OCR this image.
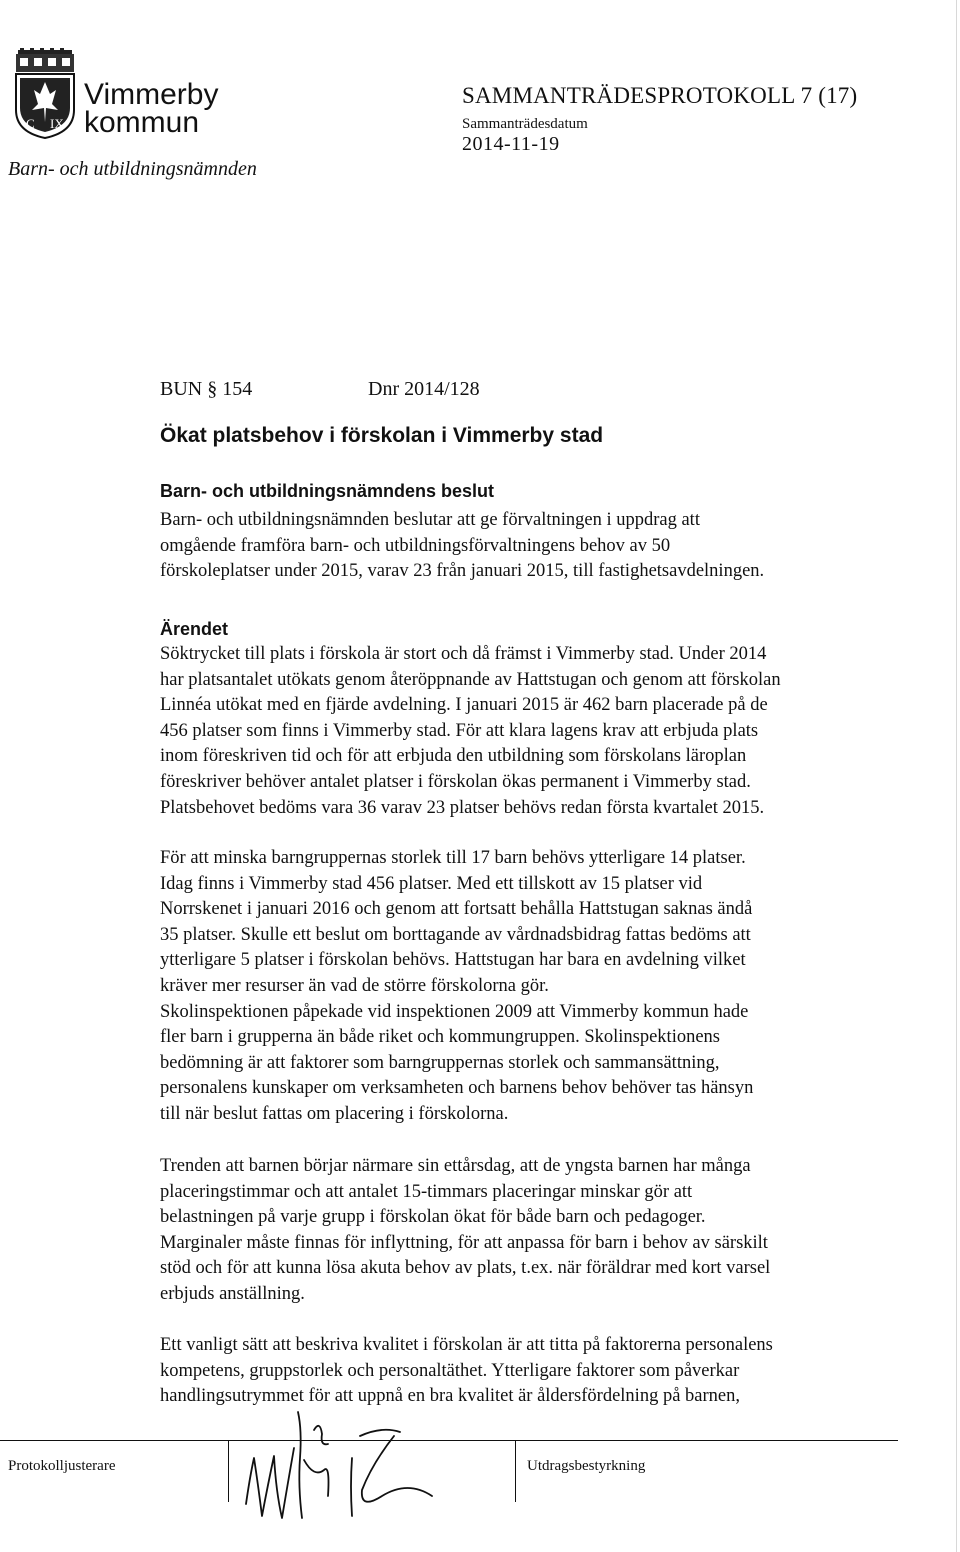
C IX
Vimmerby
kommun
Barn- och utbildningsnämnden
SAMMANTRÄDESPROTOKOLL 7 (17)
Sammanträdesdatum
2014-11-19
BUN § 154	Dnr 2014/128
Ökat platsbehov i förskolan i Vimmerby stad
Barn- och utbildningsnämndens beslut
Barn- och utbildningsnämnden beslutar att ge förvaltningen i uppdrag att
omgående framföra barn- och utbildningsförvaltningens behov av 50
förskoleplatser under 2015, varav 23 från januari 2015, till fastighetsavdelningen.
Ärendet
Söktrycket till plats i förskola är stort och då främst i Vimmerby stad. Under 2014
har platsantalet utökats genom återöppnande av Hattstugan och genom att förskolan
Linnéa utökat med en fjärde avdelning. I januari 2015 är 462 barn placerade på de
456 platser som finns i Vimmerby stad. För att klara lagens krav att erbjuda plats
inom föreskriven tid och för att erbjuda den utbildning som förskolans läroplan
föreskriver behöver antalet platser i förskolan ökas permanent i Vimmerby stad.
Platsbehovet bedöms vara 36 varav 23 platser behövs redan första kvartalet 2015.
För att minska barngruppernas storlek till 17 barn behövs ytterligare 14 platser.
Idag finns i Vimmerby stad 456 platser. Med ett tillskott av 15 platser vid
Norrskenet i januari 2016 och genom att fortsatt behålla Hattstugan saknas ändå
35 platser. Skulle ett beslut om borttagande av vårdnadsbidrag fattas bedöms att
ytterligare 5 platser i förskolan behövs. Hattstugan har bara en avdelning vilket
kräver mer resurser än vad de större förskolorna gör.
Skolinspektionen påpekade vid inspektionen 2009 att Vimmerby kommun hade
fler barn i grupperna än både riket och kommungruppen. Skolinspektionens
bedömning är att faktorer som barngruppernas storlek och sammansättning,
personalens kunskaper om verksamheten och barnens behov behöver tas hänsyn
till när beslut fattas om placering i förskolorna.
Trenden att barnen börjar närmare sin ettårsdag, att de yngsta barnen har många
placeringstimmar och att antalet 15-timmars placeringar minskar gör att
belastningen på varje grupp i förskolan ökat för både barn och pedagoger.
Marginaler måste finnas för inflyttning, för att anpassa för barn i behov av särskilt
stöd och för att kunna lösa akuta behov av plats, t.ex. när föräldrar med kort varsel
erbjuds anställning.
Ett vanligt sätt att beskriva kvalitet i förskolan är att titta på faktorerna personalens
kompetens, gruppstorlek och personaltäthet. Ytterligare faktorer som påverkar
handlingsutrymmet för att uppnå en bra kvalitet är åldersfördelning på barnen,
Protokolljusterare	Utdragsbestyrkning
